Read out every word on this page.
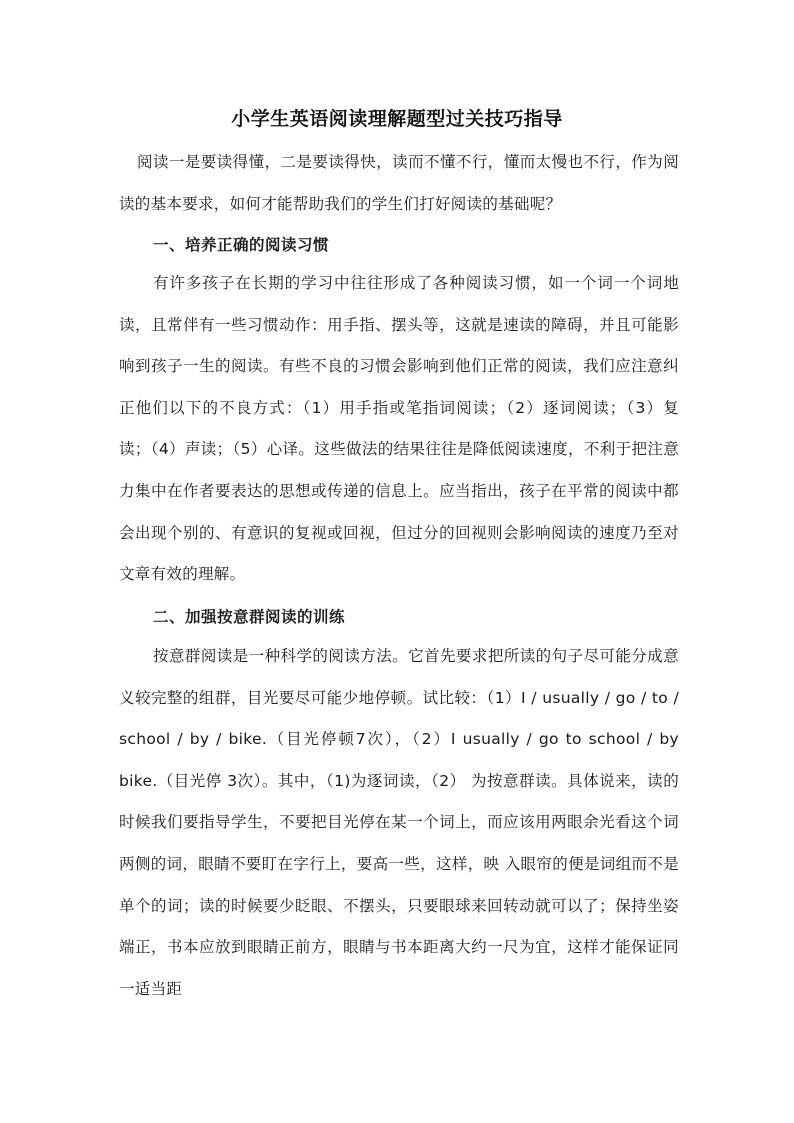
小学生英语阅读理解题型过关技巧指导

阅读一是要读得懂，二是要读得快，读而不懂不行，懂而太慢也不行，作为阅读的基本要求，如何才能帮助我们的学生们打好阅读的基础呢？

一、培养正确的阅读习惯

有许多孩子在长期的学习中往往形成了各种阅读习惯，如一个词一个词地读，且常伴有一些习惯动作：用手指、摆头等，这就是速读的障碍，并且可能影响到孩子一生的阅读。有些不良的习惯会影响到他们正常的阅读，我们应注意纠正他们以下的不良方式：（1）用手指或笔指词阅读；（2）逐词阅读；（3）复读；（4）声读；（5）心译。这些做法的结果往往是降低阅读速度，不利于把注意力集中在作者要表达的思想或传递的信息上。应当指出，孩子在平常的阅读中都会出现个别的、有意识的复视或回视，但过分的回视则会影响阅读的速度乃至对文章有效的理解。

二、加强按意群阅读的训练

按意群阅读是一种科学的阅读方法。它首先要求把所读的句子尽可能分成意义较完整的组群，目光要尽可能少地停顿。试比较：（1）I / usually / go / to / school / by / bike.（目光停顿7次），（2）I usually / go to school / by bike.（目光停 3次）。其中，（1)为逐词读，（2） 为按意群读。具体说来，读的时候我们要指导学生，不要把目光停在某一个词上，而应该用两眼余光看这个词两侧的词，眼睛不要盯在字行上，要高一些，这样，映 入眼帘的便是词组而不是单个的词；读的时候要少眨眼、不摆头，只要眼球来回转动就可以了；保持坐姿端正，书本应放到眼睛正前方，眼睛与书本距离大约一尺为宜，这样才能保证同一适当距
